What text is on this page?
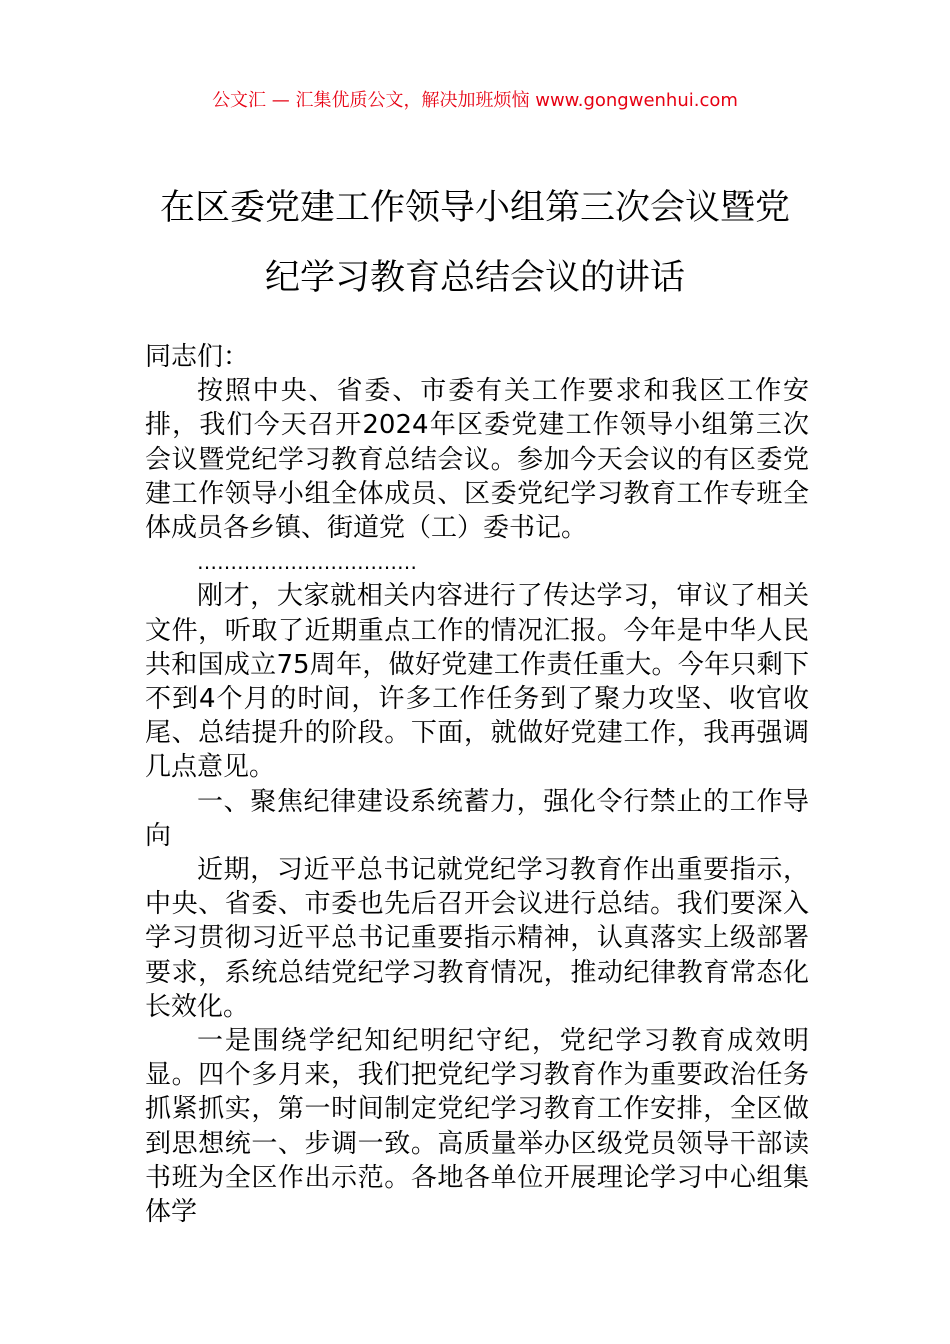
公文汇 — 汇集优质公文，解决加班烦恼 www.gongwenhui.com
在区委党建工作领导小组第三次会议暨党
纪学习教育总结会议的讲话

同志们：

按照中央、省委、市委有关工作要求和我区工作安排，我们今天召开2024年区委党建工作领导小组第三次会议暨党纪学习教育总结会议。参加今天会议的有区委党建工作领导小组全体成员、区委党纪学习教育工作专班全体成员各乡镇、街道党（工）委书记。

……………………………

刚才，大家就相关内容进行了传达学习，审议了相关文件，听取了近期重点工作的情况汇报。今年是中华人民共和国成立75周年，做好党建工作责任重大。今年只剩下不到4个月的时间，许多工作任务到了聚力攻坚、收官收尾、总结提升的阶段。下面，就做好党建工作，我再强调几点意见。

一、聚焦纪律建设系统蓄力，强化令行禁止的工作导向

近期，习近平总书记就党纪学习教育作出重要指示，中央、省委、市委也先后召开会议进行总结。我们要深入学习贯彻习近平总书记重要指示精神，认真落实上级部署要求，系统总结党纪学习教育情况，推动纪律教育常态化长效化。

一是围绕学纪知纪明纪守纪，党纪学习教育成效明显。四个多月来，我们把党纪学习教育作为重要政治任务抓紧抓实，第一时间制定党纪学习教育工作安排，全区做到思想统一、步调一致。高质量举办区级党员领导干部读书班为全区作出示范。各地各单位开展理论学习中心组集体学
